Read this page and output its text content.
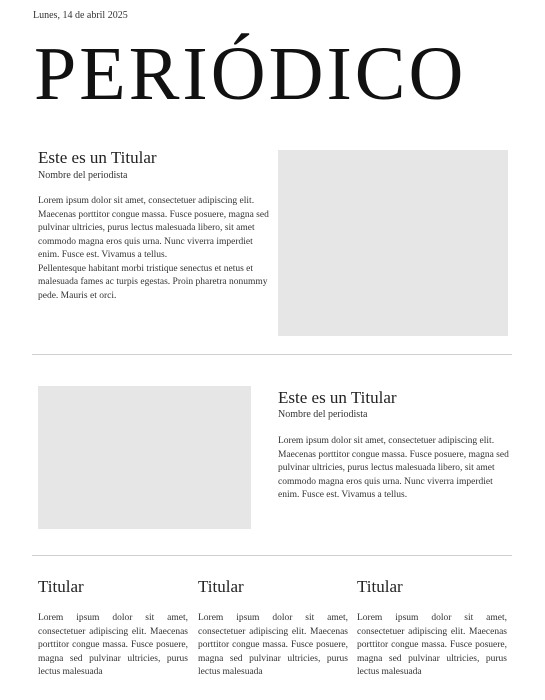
Lunes, 14 de abril 2025
PERIÓDICO
Este es un Titular
Nombre del periodista

Lorem ipsum dolor sit amet, consectetuer adipiscing elit. Maecenas porttitor congue massa. Fusce posuere, magna sed pulvinar ultricies, purus lectus malesuada libero, sit amet commodo magna eros quis urna. Nunc viverra imperdiet enim. Fusce est. Vivamus a tellus.

Pellentesque habitant morbi tristique senectus et netus et malesuada fames ac turpis egestas. Proin pharetra nonummy pede. Mauris et orci.

Este es un Titular
Nombre del periodista

Lorem ipsum dolor sit amet, consectetuer adipiscing elit. Maecenas porttitor congue massa. Fusce posuere, magna sed pulvinar ultricies, purus lectus malesuada libero, sit amet commodo magna eros quis urna. Nunc viverra imperdiet enim. Fusce est. Vivamus a tellus.

Titular
Lorem ipsum dolor sit amet, consectetuer adipiscing elit. Maecenas porttitor congue massa. Fusce posuere, magna sed pulvinar ultricies, purus lectus malesuada
Titular
Lorem ipsum dolor sit amet, consectetuer adipiscing elit. Maecenas porttitor congue massa. Fusce posuere, magna sed pulvinar ultricies, purus lectus malesuada
Titular
Lorem ipsum dolor sit amet, consectetuer adipiscing elit. Maecenas porttitor congue massa. Fusce posuere, magna sed pulvinar ultricies, purus lectus malesuada
